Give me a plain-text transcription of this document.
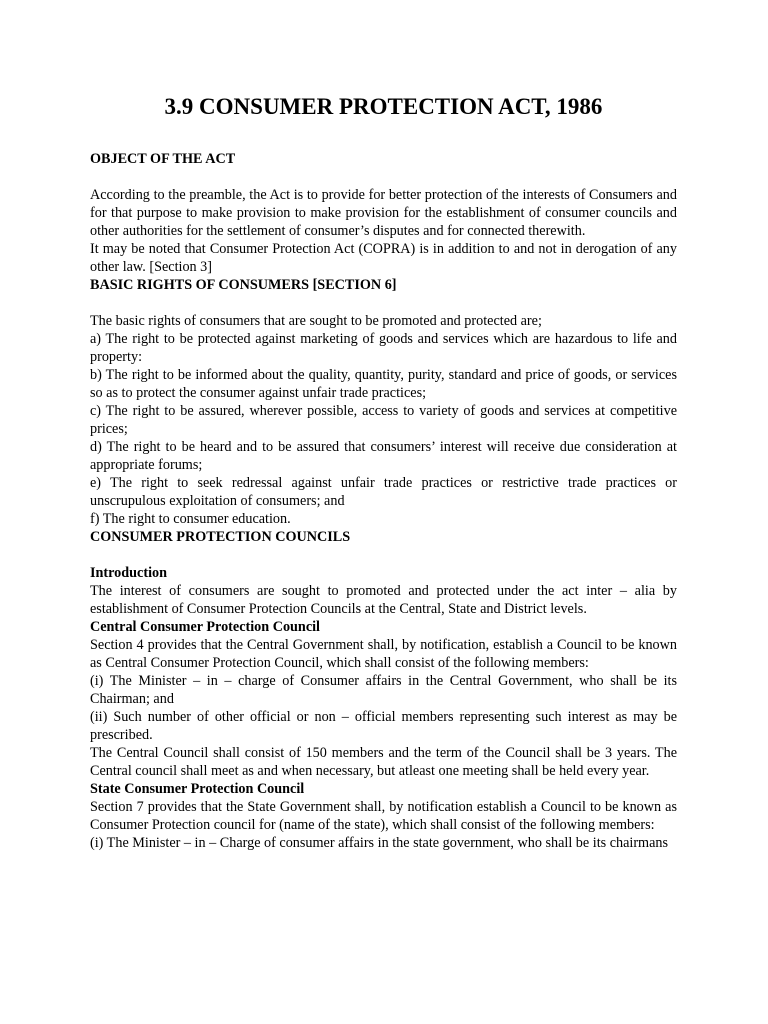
3.9 CONSUMER PROTECTION ACT, 1986

OBJECT OF THE ACT

According to the preamble, the Act is to provide for better protection of the interests of Consumers and for that purpose to make provision to make provision for the establishment of consumer councils and other authorities for the settlement of consumer’s disputes and for connected therewith.

It may be noted that Consumer Protection Act (COPRA) is in addition to and not in derogation of any other law. [Section 3]

BASIC RIGHTS OF CONSUMERS [SECTION 6]

The basic rights of consumers that are sought to be promoted and protected are;

a) The right to be protected against marketing of goods and services which are hazardous to life and property:

b) The right to be informed about the quality, quantity, purity, standard and price of goods, or services so as to protect the consumer against unfair trade practices;

c) The right to be assured, wherever possible, access to variety of goods and services at competitive prices;

d) The right to be heard and to be assured that consumers’ interest will receive due consideration at appropriate forums;

e) The right to seek redressal against unfair trade practices or restrictive trade practices or unscrupulous exploitation of consumers; and

f) The right to consumer education.

CONSUMER PROTECTION COUNCILS

Introduction

The interest of consumers are sought to promoted and protected under the act inter – alia by establishment of Consumer Protection Councils at the Central, State and District levels.

Central Consumer Protection Council

Section 4 provides that the Central Government shall, by notification, establish a Council to be known as Central Consumer Protection Council, which shall consist of the following members:

(i) The Minister – in – charge of Consumer affairs in the Central Government, who shall be its Chairman; and

(ii) Such number of other official or non – official members representing such interest as may be prescribed.

The Central Council shall consist of 150 members and the term of the Council shall be 3 years. The Central council shall meet as and when necessary, but atleast one meeting shall be held every year.

State Consumer Protection Council

Section 7 provides that the State Government shall, by notification establish a Council to be known as Consumer Protection council for (name of the state), which shall consist of the following members:

(i) The Minister – in – Charge of consumer affairs in the state government, who shall be its chairmans
